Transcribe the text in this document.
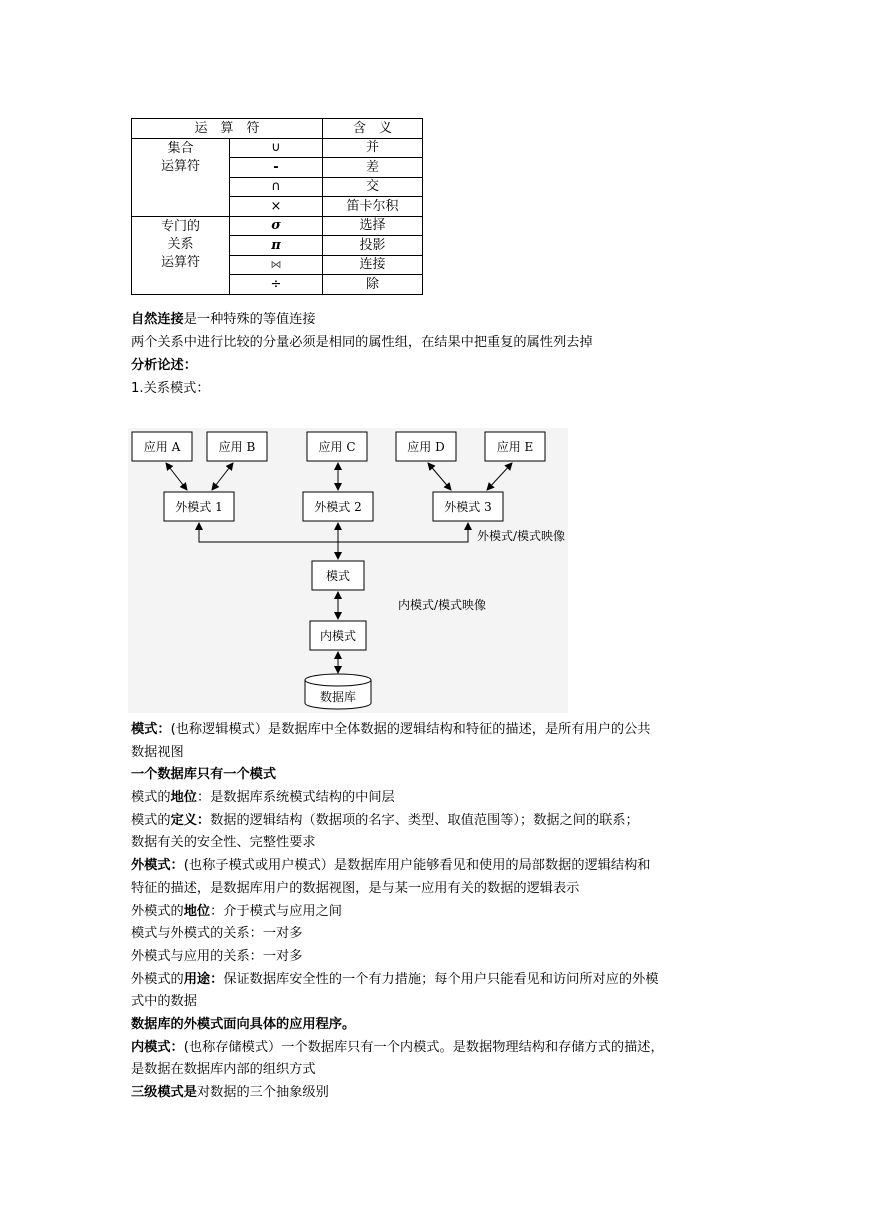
运　算　符		含　义

集合
运算符	∪	并
	-	差
	∩	交
	×	笛卡尔积

专门的
关系
运算符	σ	选择
	π	投影
	⋈	连接
	÷	除

自然连接是一种特殊的等值连接

两个关系中进行比较的分量必须是相同的属性组，在结果中把重复的属性列去掉

分析论述：

1.关系模式：

应用 A	应用 B	应用 C	应用 D	应用 E
外模式 1	外模式 2	外模式 3
模式
内模式
数据库
外模式/模式映像
内模式/模式映像

模式：(也称逻辑模式）是数据库中全体数据的逻辑结构和特征的描述，是所有用户的公共

数据视图

一个数据库只有一个模式

模式的地位：是数据库系统模式结构的中间层

模式的定义：数据的逻辑结构（数据项的名字、类型、取值范围等）；数据之间的联系；

数据有关的安全性、完整性要求

外模式：(也称子模式或用户模式）是数据库用户能够看见和使用的局部数据的逻辑结构和

特征的描述，是数据库用户的数据视图，是与某一应用有关的数据的逻辑表示

外模式的地位：介于模式与应用之间

模式与外模式的关系：一对多

外模式与应用的关系：一对多

外模式的用途：保证数据库安全性的一个有力措施；每个用户只能看见和访问所对应的外模

式中的数据

数据库的外模式面向具体的应用程序。

内模式：(也称存储模式）一个数据库只有一个内模式。是数据物理结构和存储方式的描述，

是数据在数据库内部的组织方式

三级模式是对数据的三个抽象级别
